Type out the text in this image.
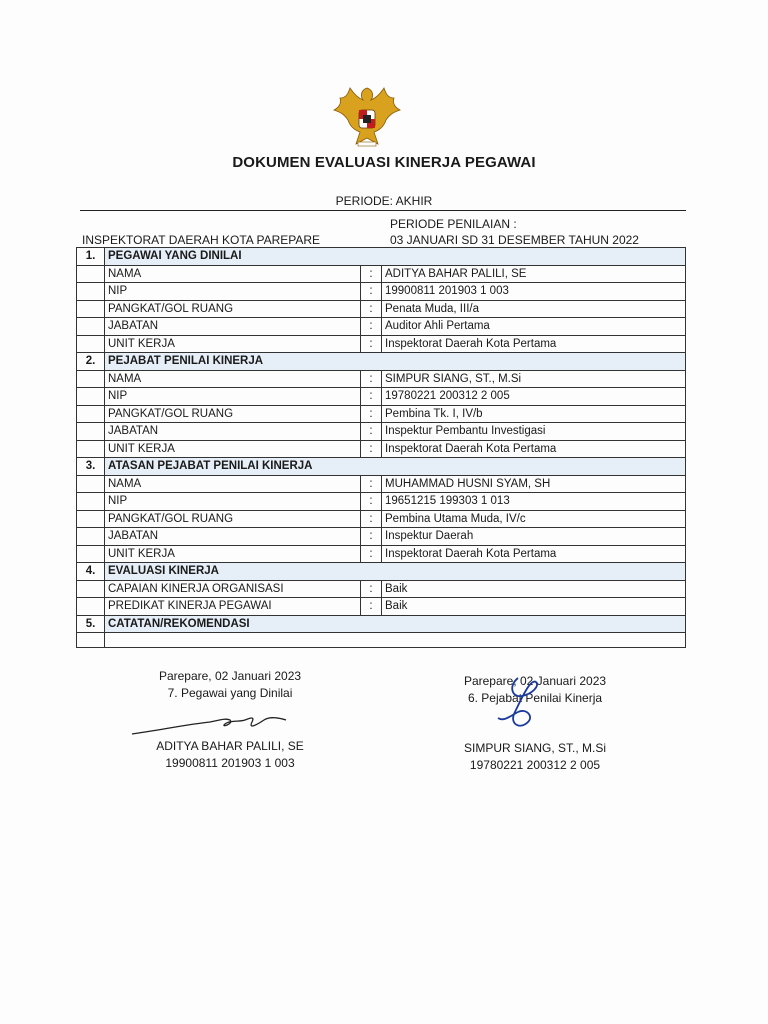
DOKUMEN EVALUASI KINERJA PEGAWAI
PERIODE: AKHIR
INSPEKTORAT DAERAH KOTA PAREPARE
PERIODE PENILAIAN :
03 JANUARI SD 31 DESEMBER TAHUN 2022
1.	PEGAWAI YANG DINILAI		
	NAMA	:	ADITYA BAHAR PALILI, SE
	NIP	:	19900811 201903 1 003
	PANGKAT/GOL RUANG	:	Penata Muda, III/a
	JABATAN	:	Auditor Ahli Pertama
	UNIT KERJA	:	Inspektorat Daerah Kota Pertama
2.	PEJABAT PENILAI KINERJA		
	NAMA	:	SIMPUR SIANG, ST., M.Si
	NIP	:	19780221 200312 2 005
	PANGKAT/GOL RUANG	:	Pembina Tk. I, IV/b
	JABATAN	:	Inspektur Pembantu Investigasi
	UNIT KERJA	:	Inspektorat Daerah Kota Pertama
3.	ATASAN PEJABAT PENILAI KINERJA		
	NAMA	:	MUHAMMAD HUSNI SYAM, SH
	NIP	:	19651215 199303 1 013
	PANGKAT/GOL RUANG	:	Pembina Utama Muda, IV/c
	JABATAN	:	Inspektur Daerah
	UNIT KERJA	:	Inspektorat Daerah Kota Pertama
4.	EVALUASI KINERJA		
	CAPAIAN KINERJA ORGANISASI	:	Baik
	PREDIKAT KINERJA PEGAWAI	:	Baik
5.	CATATAN/REKOMENDASI		

Parepare, 02 Januari 2023
7. Pegawai yang Dinilai
ADITYA BAHAR PALILI, SE
19900811 201903 1 003
Parepare, 02 Januari 2023
6. Pejabat Penilai Kinerja
SIMPUR SIANG, ST., M.Si
19780221 200312 2 005
